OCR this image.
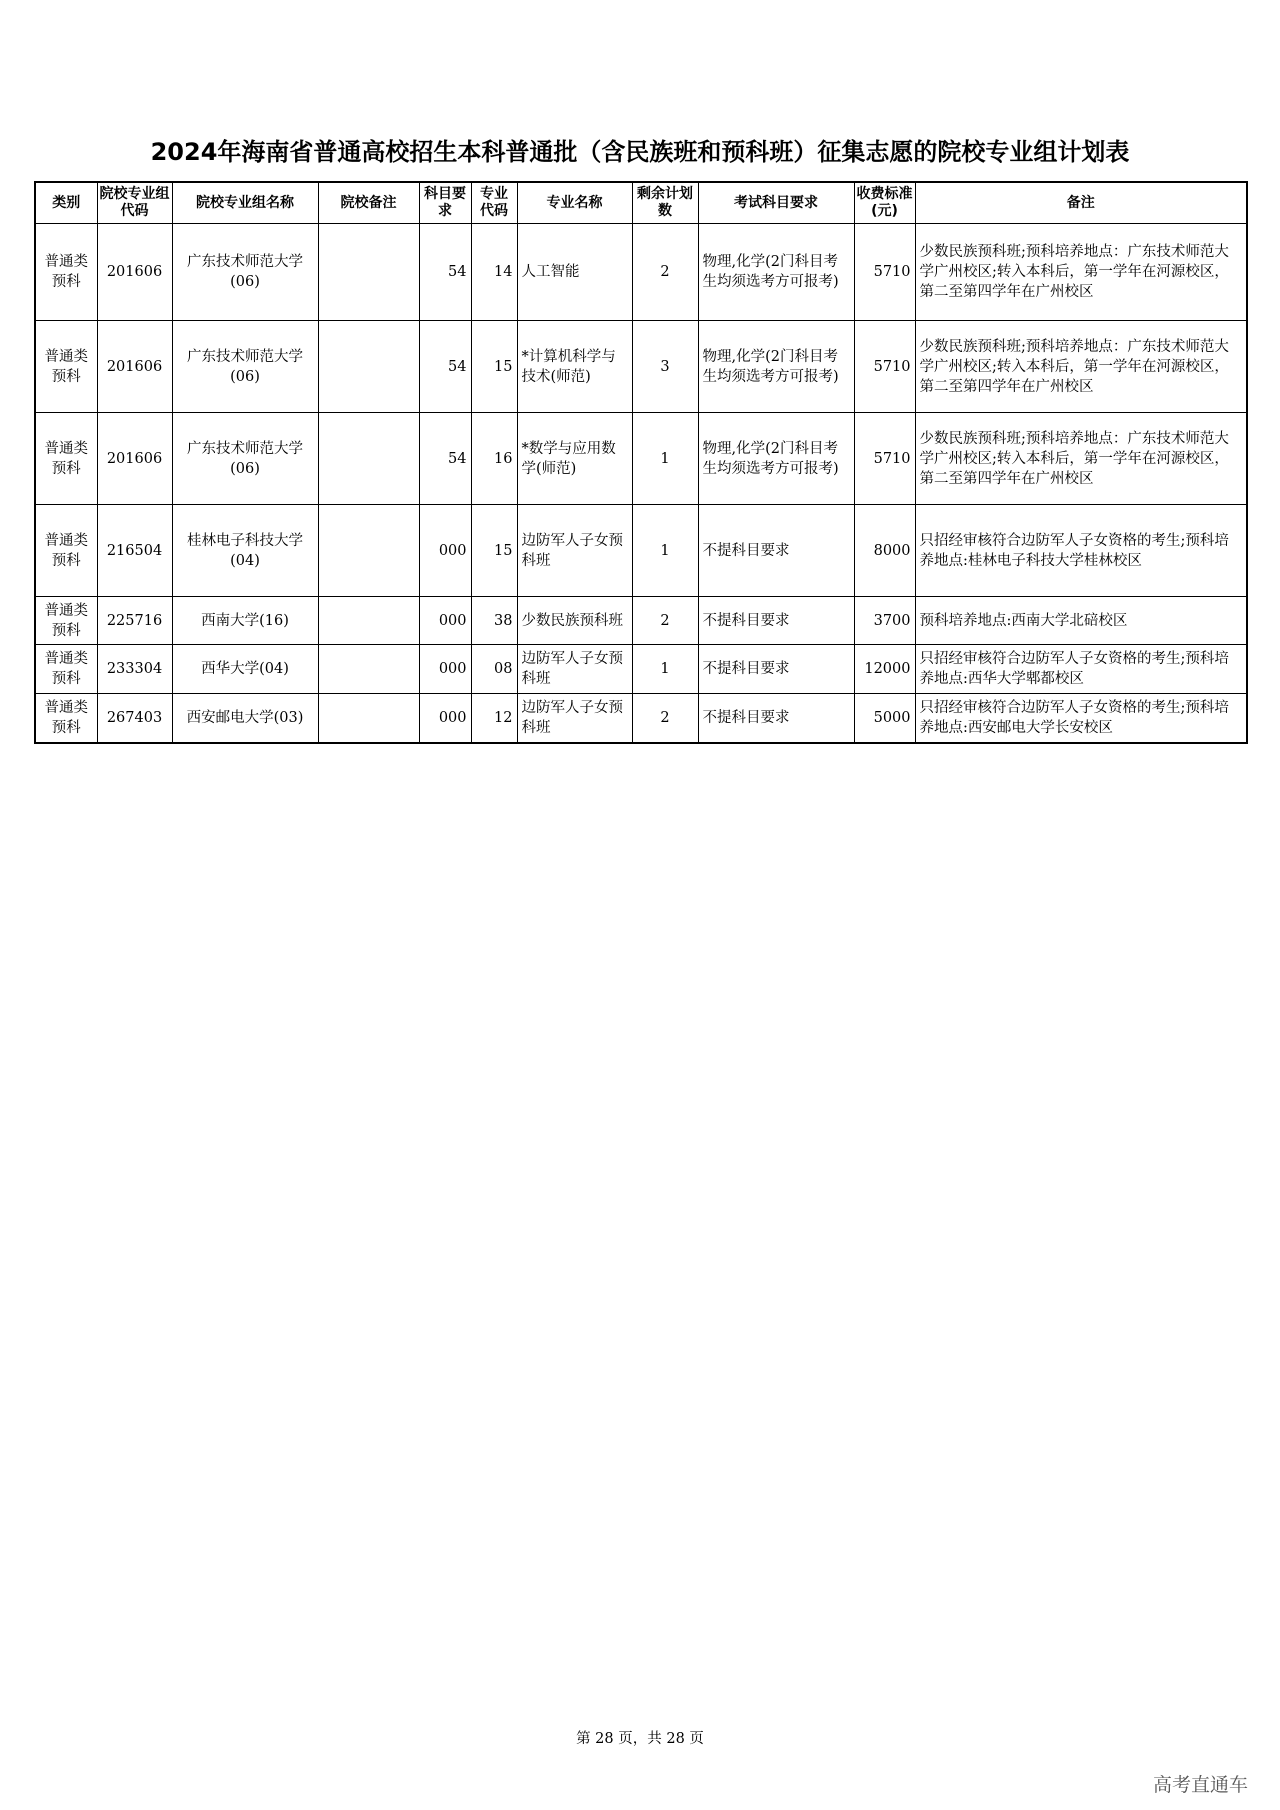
2024年海南省普通高校招生本科普通批（含民族班和预科班）征集志愿的院校专业组计划表
类别	院校专业组代码	院校专业组名称	院校备注	科目要求	专业代码	专业名称	剩余计划数	考试科目要求	收费标准(元)	备注
普通类预科	201606	广东技术师范大学(06)		54	14	人工智能	2	物理,化学(2门科目考生均须选考方可报考)	5710	少数民族预科班;预科培养地点：广东技术师范大学广州校区;转入本科后，第一学年在河源校区，第二至第四学年在广州校区
普通类预科	201606	广东技术师范大学(06)		54	15	*计算机科学与技术(师范)	3	物理,化学(2门科目考生均须选考方可报考)	5710	少数民族预科班;预科培养地点：广东技术师范大学广州校区;转入本科后，第一学年在河源校区，第二至第四学年在广州校区
普通类预科	201606	广东技术师范大学(06)		54	16	*数学与应用数学(师范)	1	物理,化学(2门科目考生均须选考方可报考)	5710	少数民族预科班;预科培养地点：广东技术师范大学广州校区;转入本科后，第一学年在河源校区，第二至第四学年在广州校区
普通类预科	216504	桂林电子科技大学(04)		000	15	边防军人子女预科班	1	不提科目要求	8000	只招经审核符合边防军人子女资格的考生;预科培养地点:桂林电子科技大学桂林校区
普通类预科	225716	西南大学(16)		000	38	少数民族预科班	2	不提科目要求	3700	预科培养地点:西南大学北碚校区
普通类预科	233304	西华大学(04)		000	08	边防军人子女预科班	1	不提科目要求	12000	只招经审核符合边防军人子女资格的考生;预科培养地点:西华大学郫都校区
普通类预科	267403	西安邮电大学(03)		000	12	边防军人子女预科班	2	不提科目要求	5000	只招经审核符合边防军人子女资格的考生;预科培养地点:西安邮电大学长安校区
第 28 页，共 28 页
高考直通车
